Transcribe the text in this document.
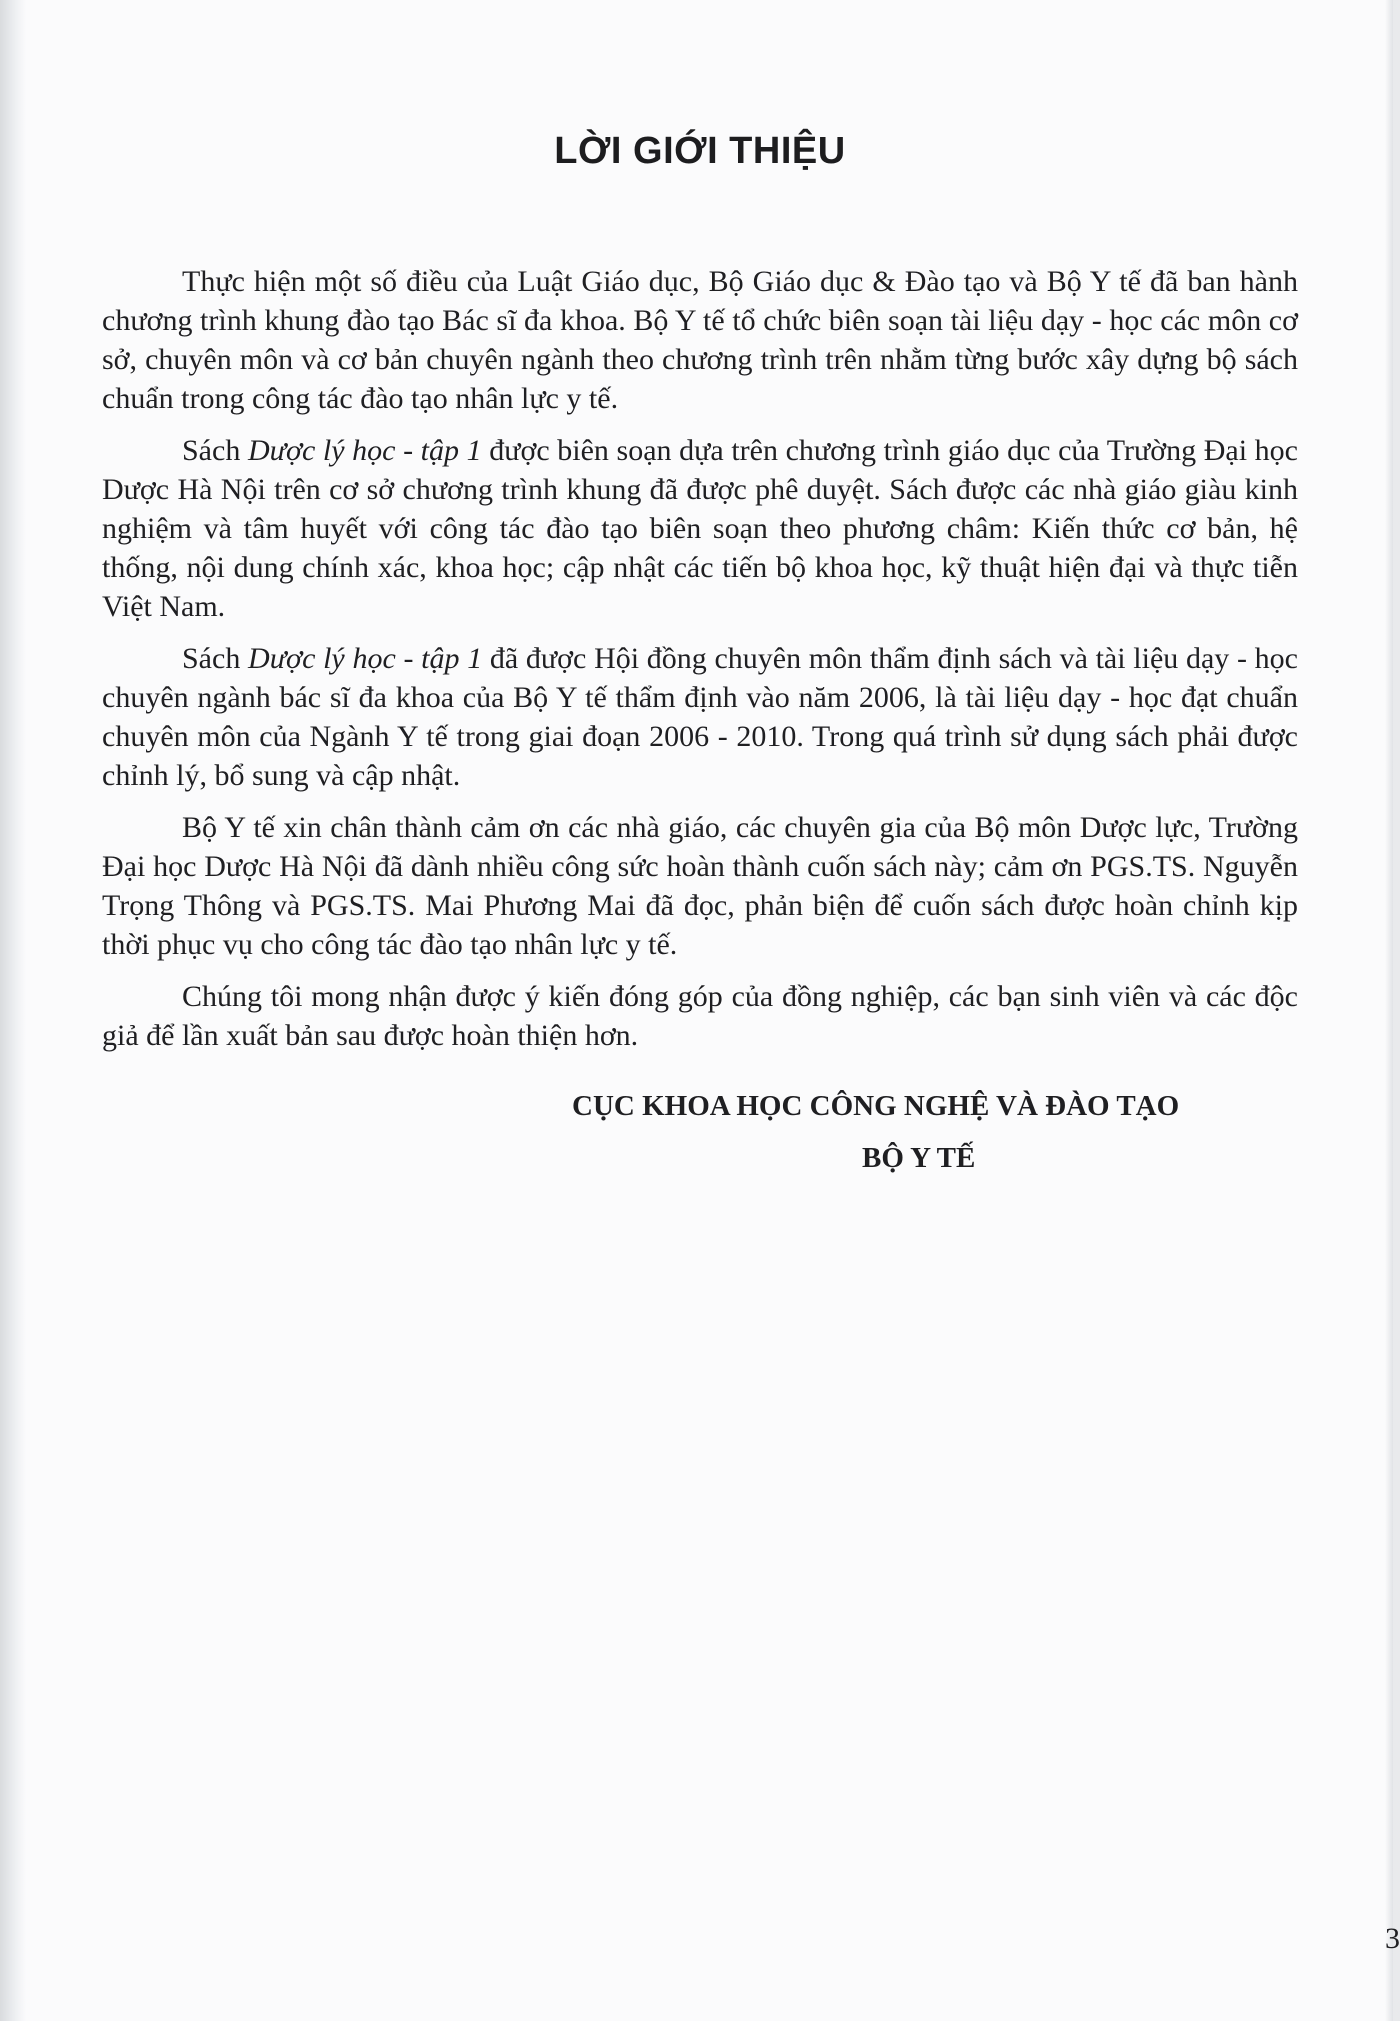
LỜI GIỚI THIỆU

Thực hiện một số điều của Luật Giáo dục, Bộ Giáo dục & Đào tạo và Bộ Y tế đã ban hành chương trình khung đào tạo Bác sĩ đa khoa. Bộ Y tế tổ chức biên soạn tài liệu dạy - học các môn cơ sở, chuyên môn và cơ bản chuyên ngành theo chương trình trên nhằm từng bước xây dựng bộ sách chuẩn trong công tác đào tạo nhân lực y tế.

Sách Dược lý học - tập 1 được biên soạn dựa trên chương trình giáo dục của Trường Đại học Dược Hà Nội trên cơ sở chương trình khung đã được phê duyệt. Sách được các nhà giáo giàu kinh nghiệm và tâm huyết với công tác đào tạo biên soạn theo phương châm: Kiến thức cơ bản, hệ thống, nội dung chính xác, khoa học; cập nhật các tiến bộ khoa học, kỹ thuật hiện đại và thực tiễn Việt Nam.

Sách Dược lý học - tập 1 đã được Hội đồng chuyên môn thẩm định sách và tài liệu dạy - học chuyên ngành bác sĩ đa khoa của Bộ Y tế thẩm định vào năm 2006, là tài liệu dạy - học đạt chuẩn chuyên môn của Ngành Y tế trong giai đoạn 2006 - 2010. Trong quá trình sử dụng sách phải được chỉnh lý, bổ sung và cập nhật.

Bộ Y tế xin chân thành cảm ơn các nhà giáo, các chuyên gia của Bộ môn Dược lực, Trường Đại học Dược Hà Nội đã dành nhiều công sức hoàn thành cuốn sách này; cảm ơn PGS.TS. Nguyễn Trọng Thông và PGS.TS. Mai Phương Mai đã đọc, phản biện để cuốn sách được hoàn chỉnh kịp thời phục vụ cho công tác đào tạo nhân lực y tế.

Chúng tôi mong nhận được ý kiến đóng góp của đồng nghiệp, các bạn sinh viên và các độc giả để lần xuất bản sau được hoàn thiện hơn.

CỤC KHOA HỌC CÔNG NGHỆ VÀ ĐÀO TẠO
BỘ Y TẾ
3
